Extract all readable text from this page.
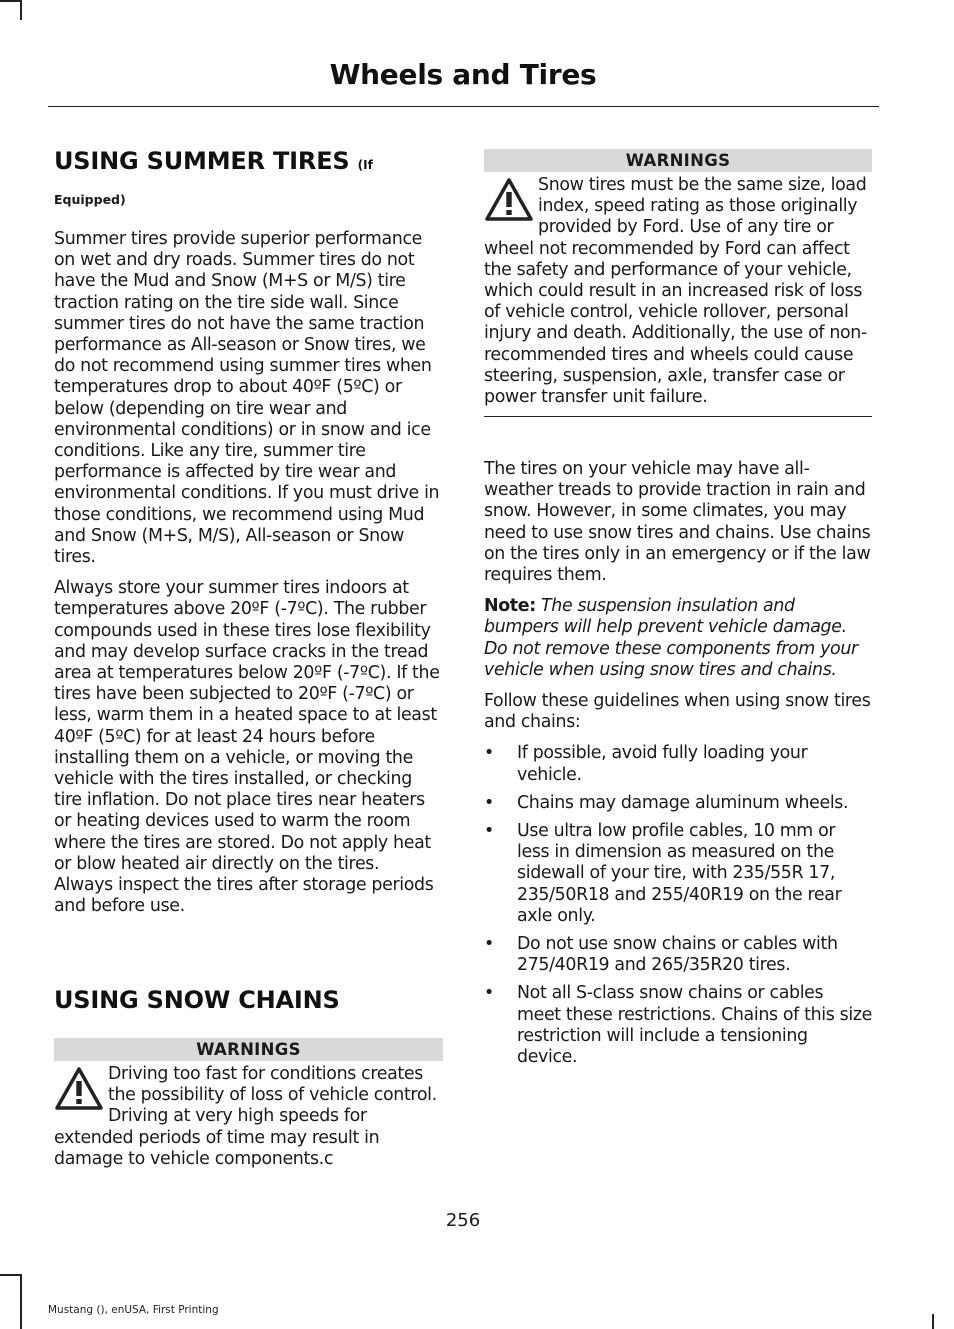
Wheels and Tires
USING SUMMER TIRES (If
Equipped)

Summer tires provide superior performance on wet and dry roads. Summer tires do not have the Mud and Snow (M+S or M/S) tire traction rating on the tire side wall. Since summer tires do not have the same traction performance as All-season or Snow tires, we do not recommend using summer tires when temperatures drop to about 40ºF (5ºC) or below (depending on tire wear and environmental conditions) or in snow and ice conditions. Like any tire, summer tire performance is affected by tire wear and environmental conditions. If you must drive in those conditions, we recommend using Mud and Snow (M+S, M/S), All-season or Snow tires.

Always store your summer tires indoors at temperatures above 20ºF (-7ºC). The rubber compounds used in these tires lose flexibility and may develop surface cracks in the tread area at temperatures below 20ºF (-7ºC). If the tires have been subjected to 20ºF (-7ºC) or less, warm them in a heated space to at least 40ºF (5ºC) for at least 24 hours before installing them on a vehicle, or moving the vehicle with the tires installed, or checking tire inflation. Do not place tires near heaters or heating devices used to warm the room where the tires are stored. Do not apply heat or blow heated air directly on the tires. Always inspect the tires after storage periods and before use.

USING SNOW CHAINS
WARNINGS
Driving too fast for conditions creates the possibility of loss of vehicle control. Driving at very high speeds for extended periods of time may result in damage to vehicle components.c
WARNINGS
Snow tires must be the same size, load index, speed rating as those originally provided by Ford. Use of any tire or wheel not recommended by Ford can affect the safety and performance of your vehicle, which could result in an increased risk of loss of vehicle control, vehicle rollover, personal injury and death. Additionally, the use of non-recommended tires and wheels could cause steering, suspension, axle, transfer case or power transfer unit failure.

The tires on your vehicle may have all-weather treads to provide traction in rain and snow. However, in some climates, you may need to use snow tires and chains. Use chains on the tires only in an emergency or if the law requires them.

Note: The suspension insulation and bumpers will help prevent vehicle damage. Do not remove these components from your vehicle when using snow tires and chains.

Follow these guidelines when using snow tires and chains:

• If possible, avoid fully loading your vehicle.
• Chains may damage aluminum wheels.
• Use ultra low profile cables, 10 mm or less in dimension as measured on the sidewall of your tire, with 235/55R 17, 235/50R18 and 255/40R19 on the rear axle only.
• Do not use snow chains or cables with 275/40R19 and 265/35R20 tires.
• Not all S-class snow chains or cables meet these restrictions. Chains of this size restriction will include a tensioning device.
256
Mustang (), enUSA, First Printing
